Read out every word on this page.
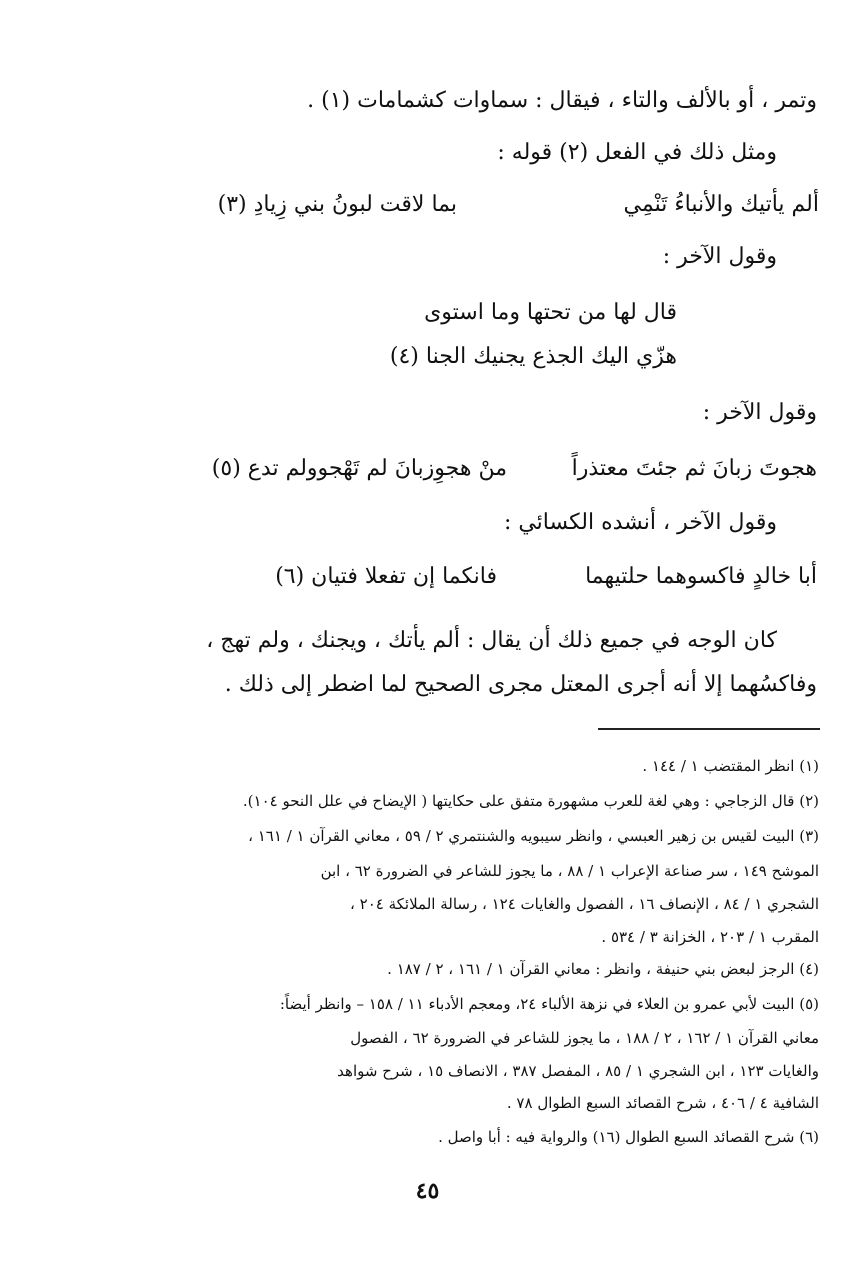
وتمر ، أو بالألف والتاء ، فيقال : سماوات كشمامات (١) .
ومثل ذلك في الفعل (٢) قوله :
ألم يأتيك والأنباءُ تَنْمِي
بما لاقت لبونُ بني زِيادِ (٣)
وقول الآخر :
قال لها من تحتها وما استوى
هزّي اليك الجذع يجنيك الجنا (٤)
وقول الآخر :
هجوتَ زبانَ ثم جئتَ معتذراً
منْ هجوِزبانَ لم تَهْجوولم تدع (٥)
وقول الآخر ، أنشده الكسائي :
أبا خالدٍ فاكسوهما حلتيهما
فانكما إن تفعلا فتيان (٦)
كان الوجه في جميع ذلك أن يقال : ألم يأتك ، ويجنك ، ولم تهج ،
وفاكسُهما إلا أنه أجرى المعتل مجرى الصحيح لما اضطر إلى ذلك .
(١) انظر المقتضب ١ / ١٤٤ .
(٢) قال الزجاجي : وهي لغة للعرب مشهورة متفق على حكايتها ( الإيضاح في علل النحو ١٠٤).
(٣) البيت لقيس بن زهير العبسي ، وانظر سيبويه والشنتمري ٢ / ٥٩ ، معاني القرآن ١ / ١٦١ ،
الموشح ١٤٩ ، سر صناعة الإعراب ١ / ٨٨ ، ما يجوز للشاعر في الضرورة ٦٢ ، ابن
الشجري ١ / ٨٤ ، الإنصاف ١٦ ، الفصول والغايات ١٢٤ ، رسالة الملائكة ٢٠٤ ،
المقرب ١ / ٢٠٣ ، الخزانة ٣ / ٥٣٤ .
(٤) الرجز لبعض بني حنيفة ، وانظر : معاني القرآن ١ / ١٦١ ، ٢ / ١٨٧ .
(٥) البيت لأبي عمرو بن العلاء في نزهة الألباء ٢٤، ومعجم الأدباء ١١ / ١٥٨ – وانظر أيضاً:
معاني القرآن ١ / ١٦٢ ، ٢ / ١٨٨ ، ما يجوز للشاعر في الضرورة ٦٢ ، الفصول
والغايات ١٢٣ ، ابن الشجري ١ / ٨٥ ، المفصل ٣٨٧ ، الانصاف ١٥ ، شرح شواهد
الشافية ٤ / ٤٠٦ ، شرح القصائد السبع الطوال ٧٨ .
(٦) شرح القصائد السبع الطوال (١٦) والرواية فيه : أبا واصل .
٤٥
